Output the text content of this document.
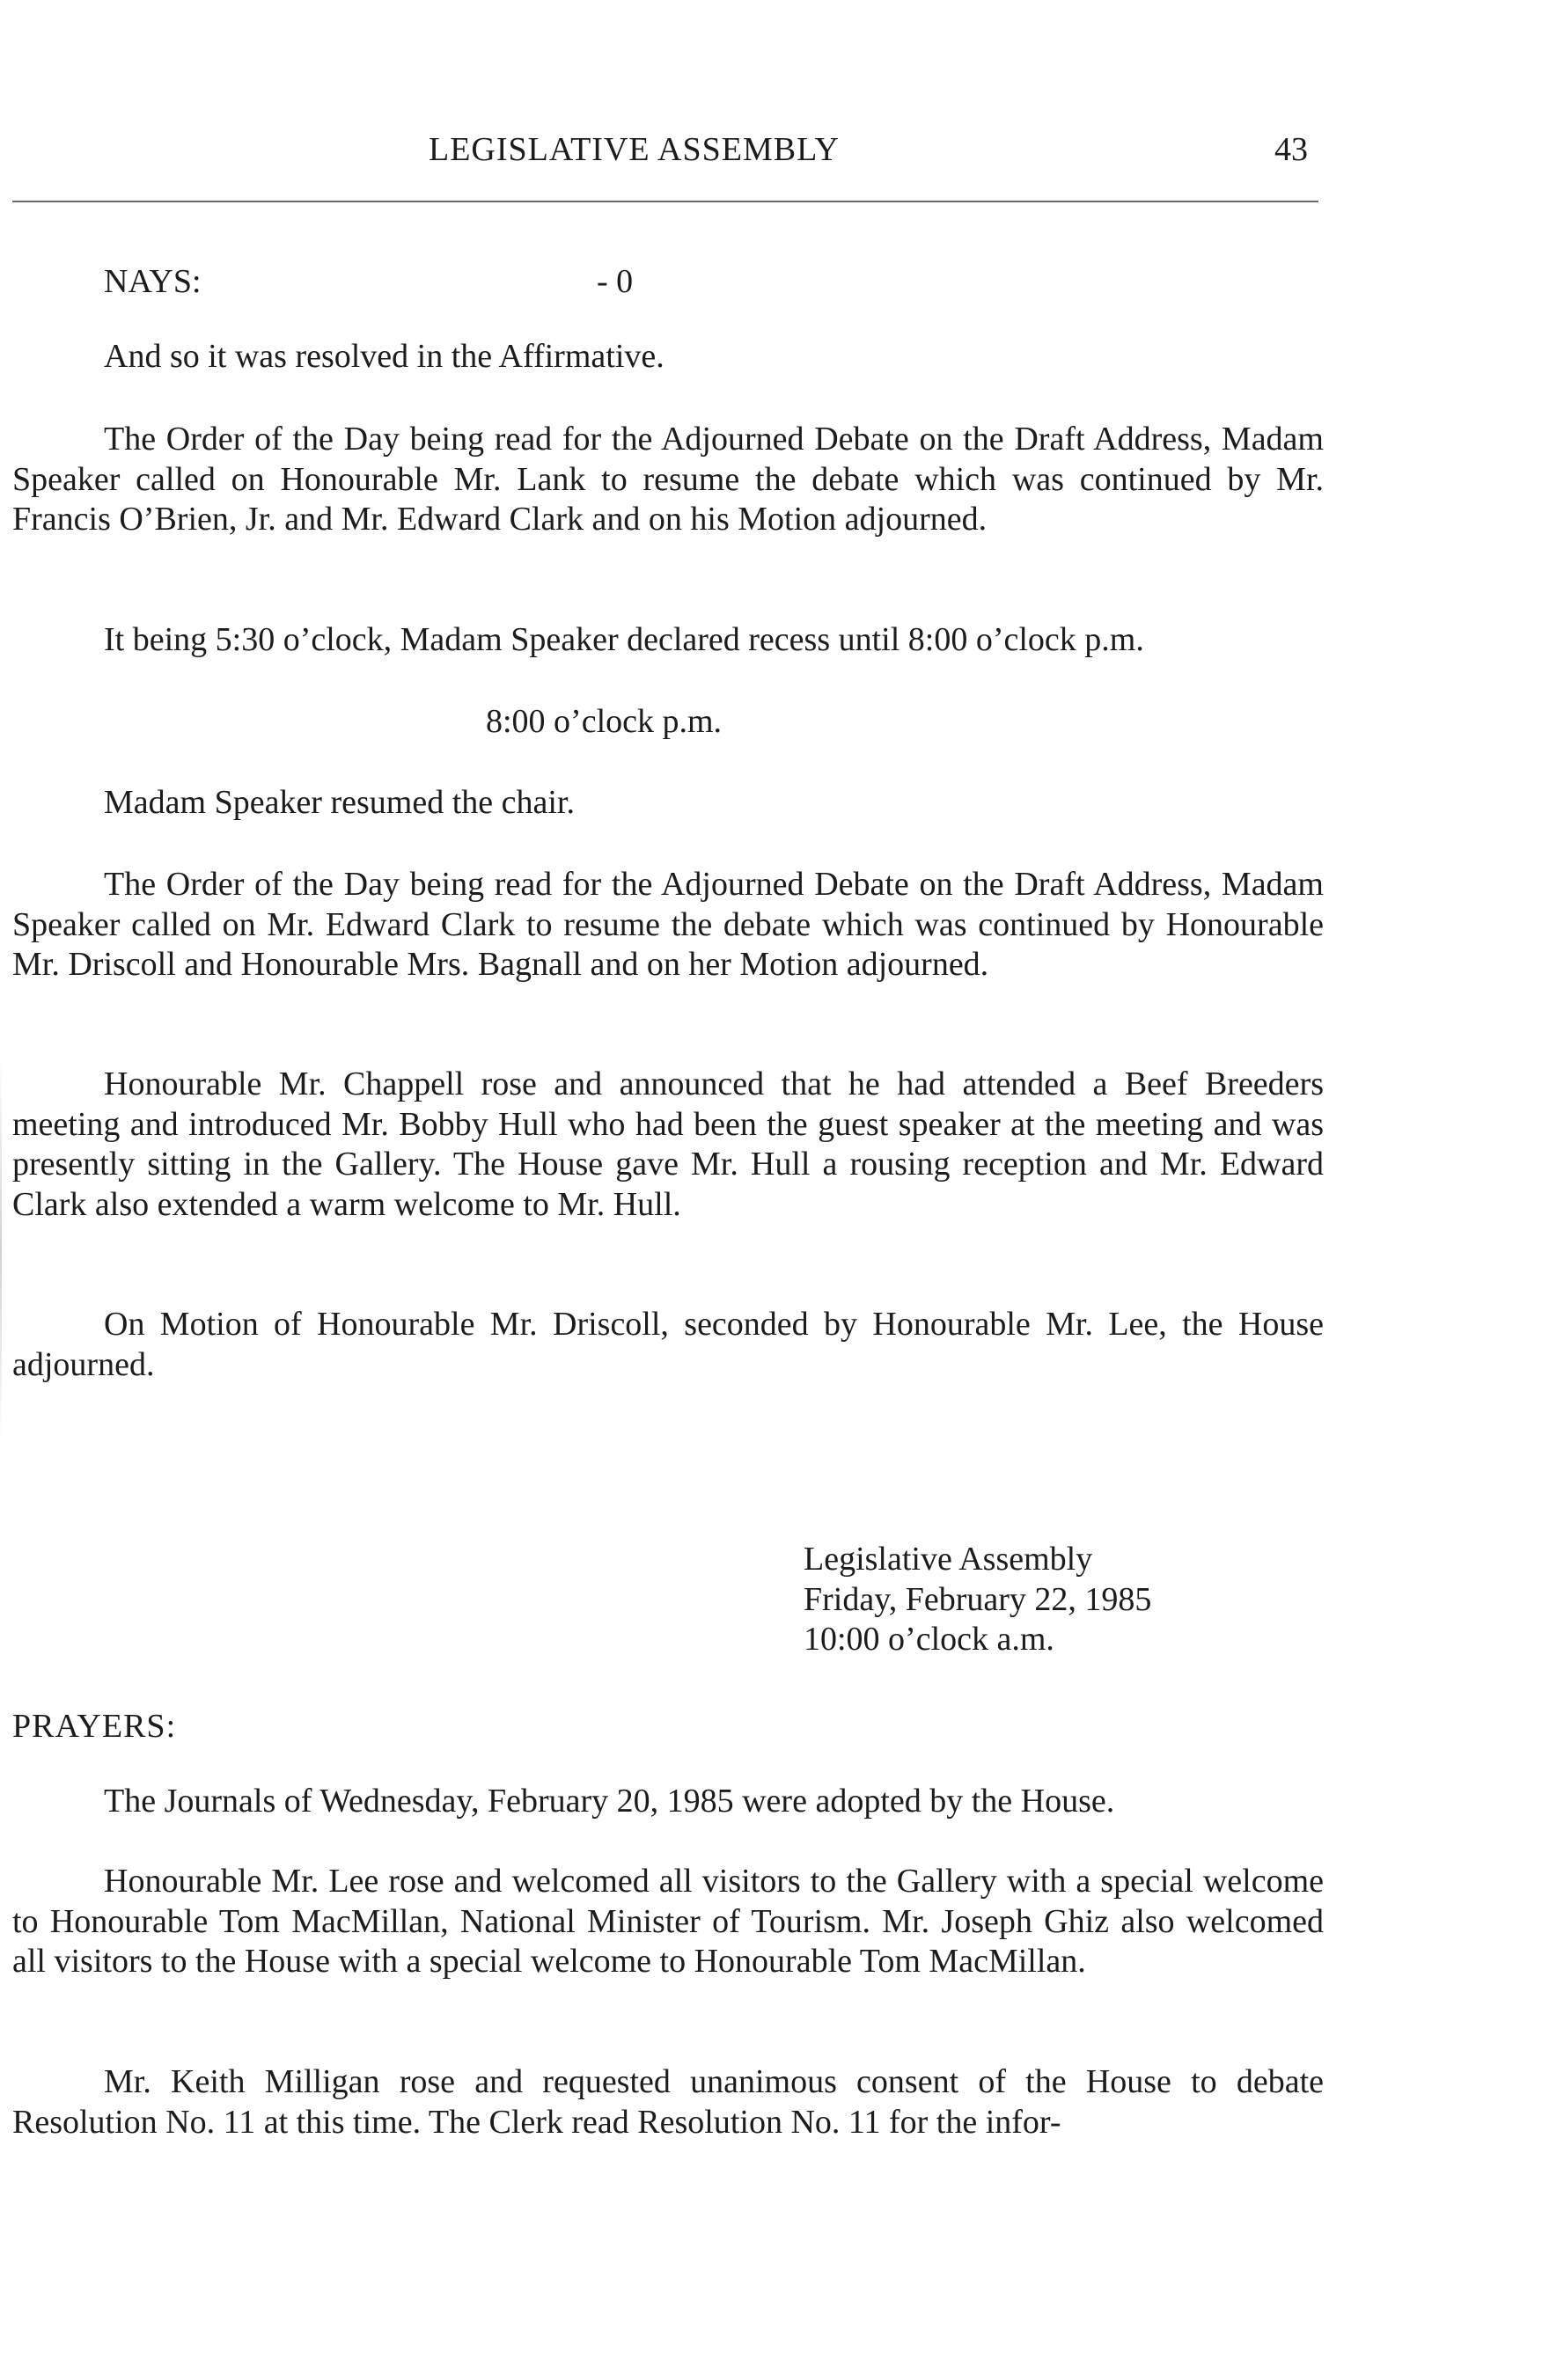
LEGISLATIVE ASSEMBLY	43
NAYS:	- 0

And so it was resolved in the Affirmative.

The Order of the Day being read for the Adjourned Debate on the Draft Address, Madam Speaker called on Honourable Mr. Lank to resume the debate which was continued by Mr. Francis O’Brien, Jr. and Mr. Edward Clark and on his Motion adjourned.

It being 5:30 o’clock, Madam Speaker declared recess until 8:00 o’clock p.m.

8:00 o’clock p.m.

Madam Speaker resumed the chair.

The Order of the Day being read for the Adjourned Debate on the Draft Address, Madam Speaker called on Mr. Edward Clark to resume the debate which was continued by Honourable Mr. Driscoll and Honourable Mrs. Bagnall and on her Motion adjourned.

Honourable Mr. Chappell rose and announced that he had attended a Beef Breeders meeting and introduced Mr. Bobby Hull who had been the guest speaker at the meeting and was presently sitting in the Gallery. The House gave Mr. Hull a rousing reception and Mr. Edward Clark also extended a warm welcome to Mr. Hull.

On Motion of Honourable Mr. Driscoll, seconded by Honourable Mr. Lee, the House adjourned.

Legislative Assembly
Friday, February 22, 1985
10:00 o’clock a.m.
PRAYERS:

The Journals of Wednesday, February 20, 1985 were adopted by the House.

Honourable Mr. Lee rose and welcomed all visitors to the Gallery with a special welcome to Honourable Tom MacMillan, National Minister of Tourism. Mr. Joseph Ghiz also welcomed all visitors to the House with a special welcome to Honourable Tom MacMillan.

Mr. Keith Milligan rose and requested unanimous consent of the House to debate Resolution No. 11 at this time. The Clerk read Resolution No. 11 for the infor-
